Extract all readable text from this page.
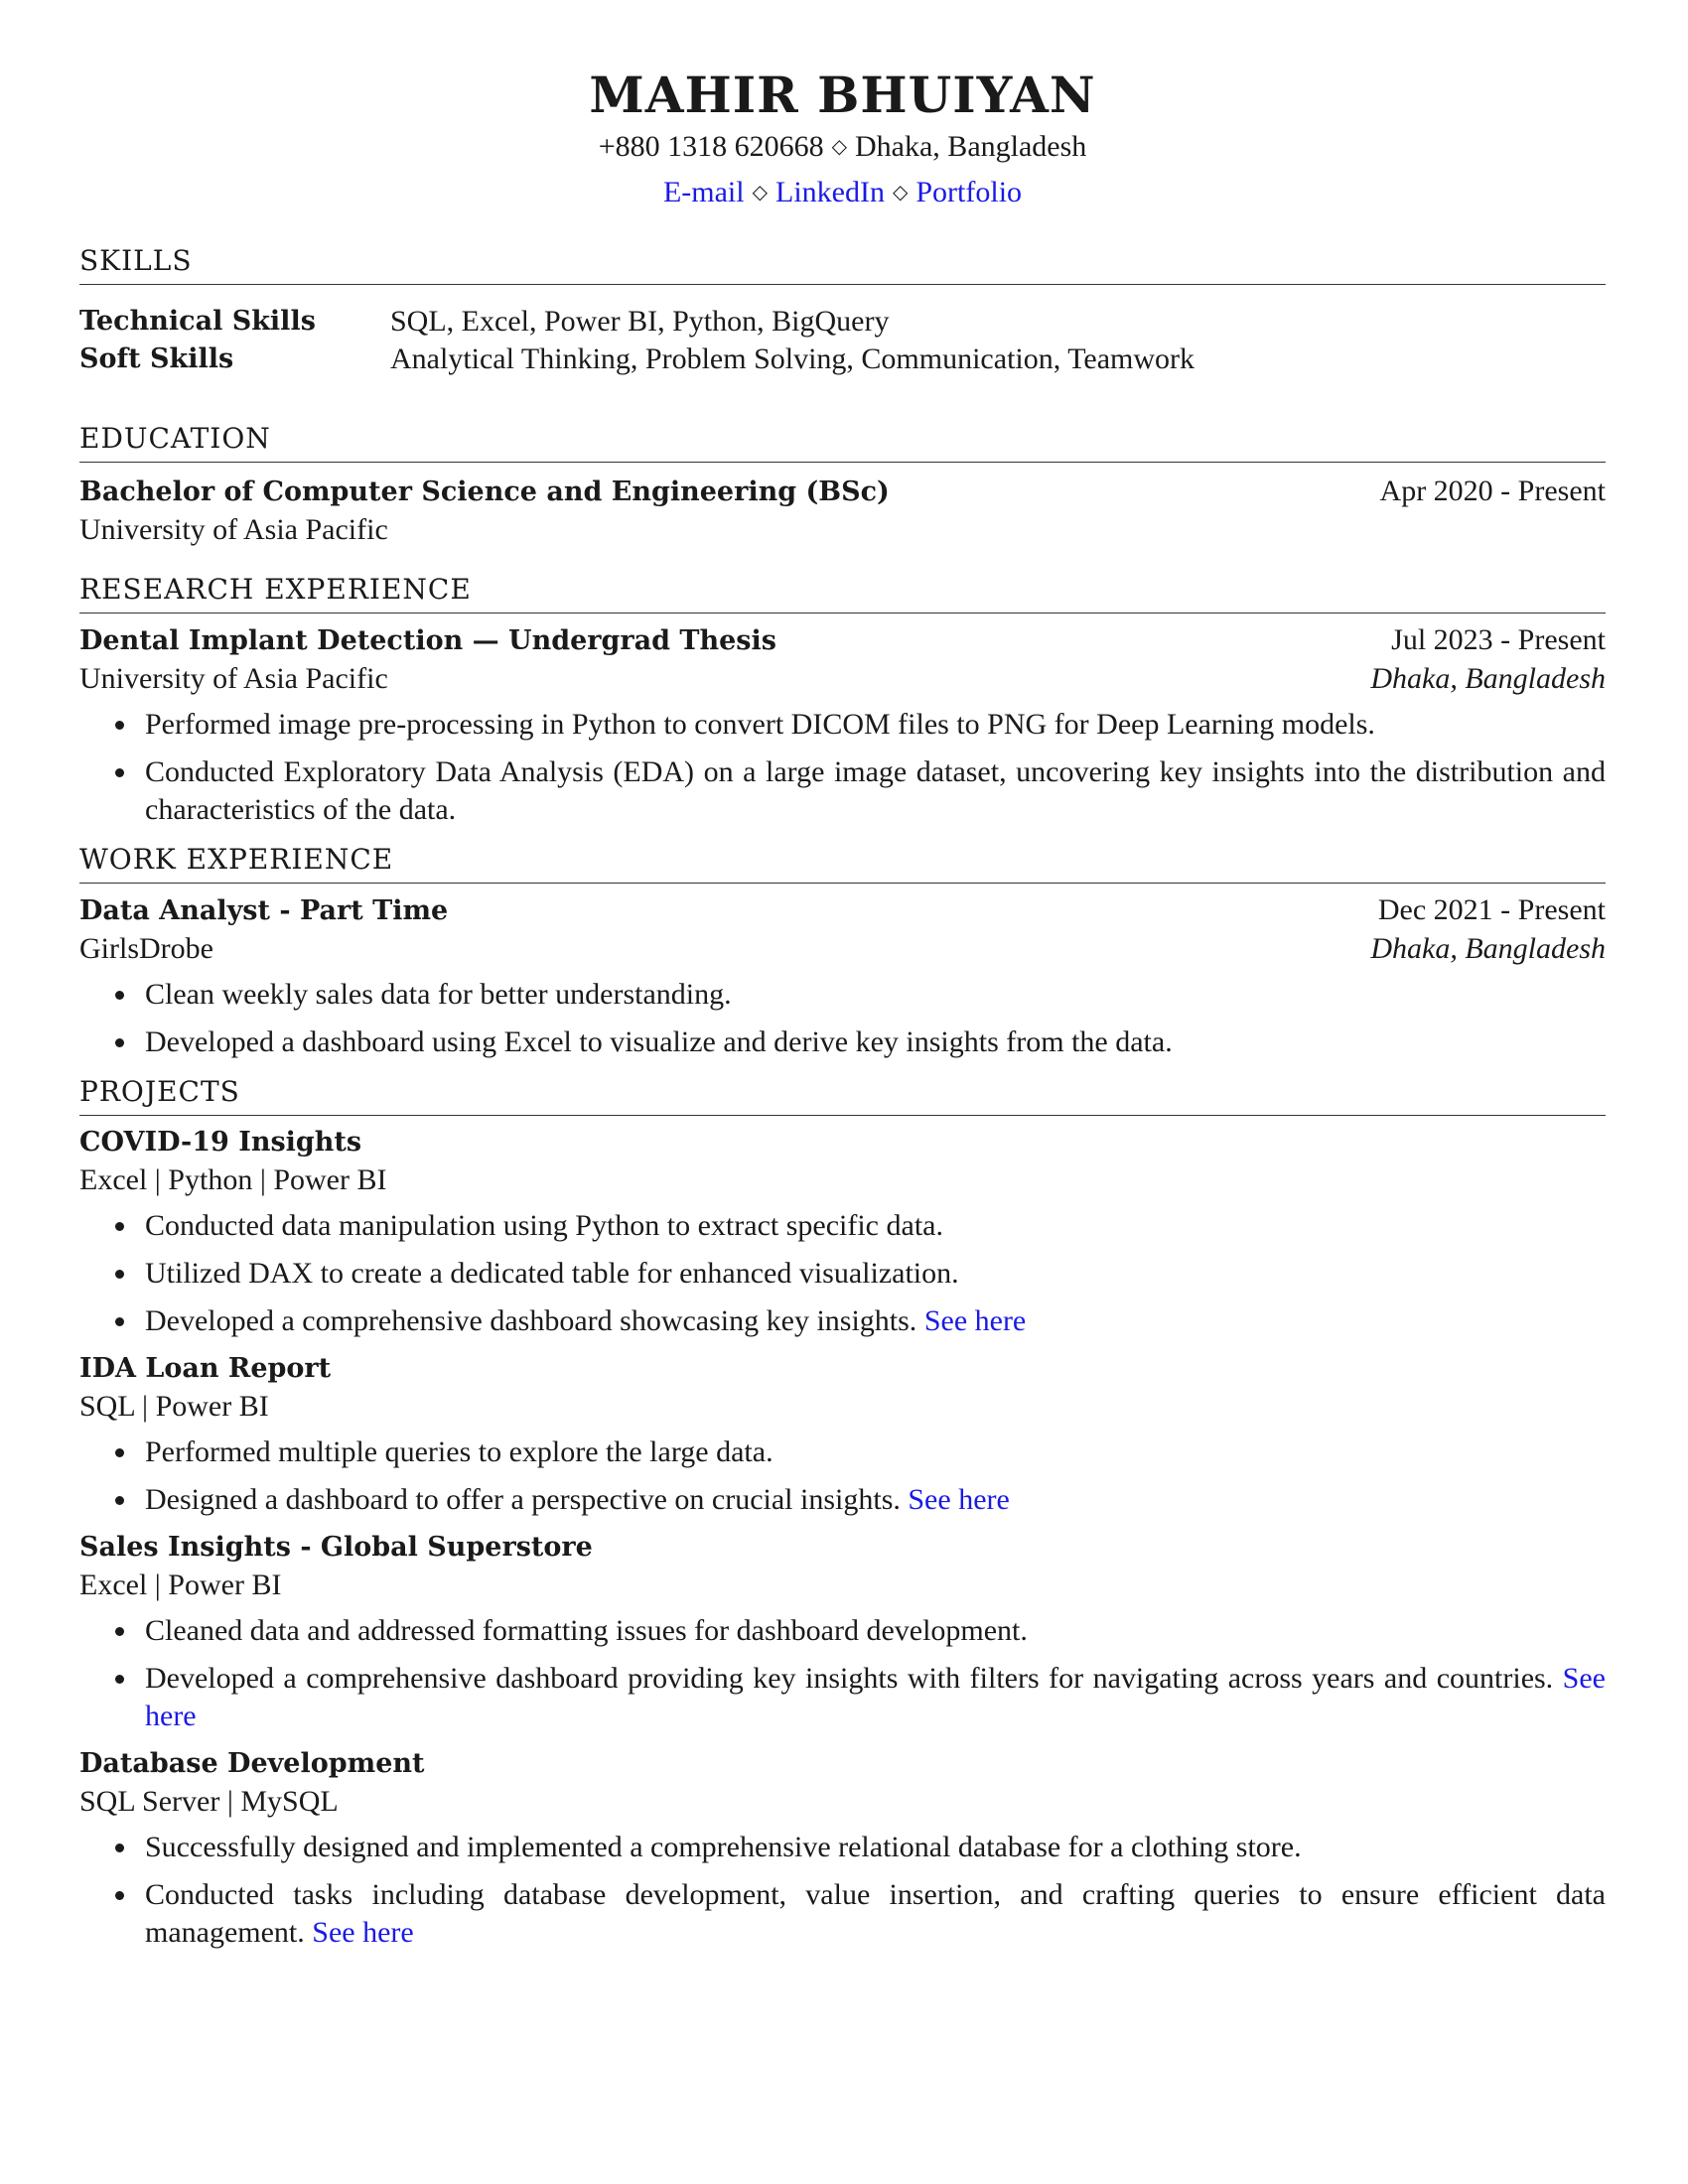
MAHIR BHUIYAN
+880 1318 620668 ◇ Dhaka, Bangladesh
E-mail ◇ LinkedIn ◇ Portfolio
SKILLS
Technical Skills	SQL, Excel, Power BI, Python, BigQuery
Soft Skills	Analytical Thinking, Problem Solving, Communication, Teamwork
EDUCATION
Bachelor of Computer Science and Engineering (BSc)	Apr 2020 - Present
University of Asia Pacific
RESEARCH EXPERIENCE
Dental Implant Detection — Undergrad Thesis	Jul 2023 - Present
University of Asia Pacific	Dhaka, Bangladesh
Performed image pre-processing in Python to convert DICOM files to PNG for Deep Learning models.
Conducted Exploratory Data Analysis (EDA) on a large image dataset, uncovering key insights into the distribution and characteristics of the data.
WORK EXPERIENCE
Data Analyst - Part Time	Dec 2021 - Present
GirlsDrobe	Dhaka, Bangladesh
Clean weekly sales data for better understanding.
Developed a dashboard using Excel to visualize and derive key insights from the data.
PROJECTS
COVID-19 Insights
Excel | Python | Power BI
Conducted data manipulation using Python to extract specific data.
Utilized DAX to create a dedicated table for enhanced visualization.
Developed a comprehensive dashboard showcasing key insights. See here
IDA Loan Report
SQL | Power BI
Performed multiple queries to explore the large data.
Designed a dashboard to offer a perspective on crucial insights. See here
Sales Insights - Global Superstore
Excel | Power BI
Cleaned data and addressed formatting issues for dashboard development.
Developed a comprehensive dashboard providing key insights with filters for navigating across years and countries. See here
Database Development
SQL Server | MySQL
Successfully designed and implemented a comprehensive relational database for a clothing store.
Conducted tasks including database development, value insertion, and crafting queries to ensure efficient data management. See here
